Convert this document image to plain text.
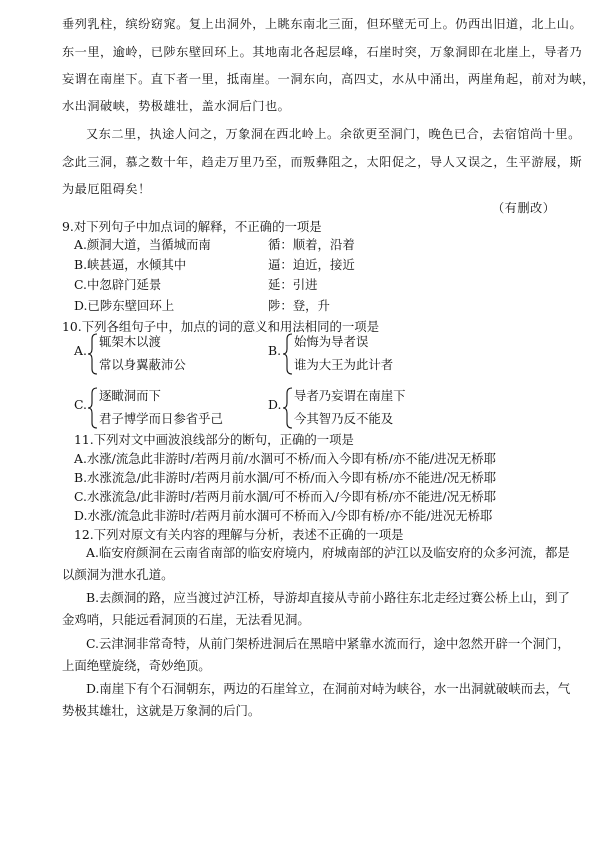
垂列乳柱，缤纷窈窕。复上出洞外，上眺东南北三面，但环壁无可上。仍西出旧道，北上山。
东一里，逾岭，已陟东壁回环上。其地南北各起层峰，石崖时突，万象洞即在北崖上，导者乃
妄谓在南崖下。直下者一里，抵南崖。一洞东向，高四丈，水从中涌出，两崖角起，前对为峡，
水出洞破峡，势极雄壮，盖水洞后门也。
又东二里，执途人问之，万象洞在西北岭上。余欲更至洞门，晚色已合，去宿馆尚十里。
念此三洞，慕之数十年，趋走万里乃至，而叛彝阻之，太阳促之，导人又误之，生平游屐，斯
为最厄阻碍矣！
（有删改）
9.对下列句子中加点词的解释，不正确的一项是
A.颜洞大道，当循城而南	循：顺着，沿着
B.峡甚逼，水倾其中	逼：迫近，接近
C.中忽辟门延景	延：引进
D.已陟东壁回环上	陟：登，升
10.下列各组句子中，加点的词的意义和用法相同的一项是
A.
辄架木以渡
常以身翼蔽沛公
B.
始悔为导者误
谁为大王为此计者
C.
逐瞰洞而下
君子博学而日参省乎己
D.
导者乃妄谓在南崖下
今其智乃反不能及
11.下列对文中画波浪线部分的断句，正确的一项是
A.水涨/流急此非游时/若两月前/水涸可不桥/而入今即有桥/亦不能/进况无桥耶
B.水涨流急/此非游时/若两月前水涸/可不桥/而入今即有桥/亦不能进/况无桥耶
C.水涨流急/此非游时/若两月前水涸/可不桥而入/今即有桥/亦不能进/况无桥耶
D.水涨/流急此非游时/若两月前水涸可不桥而入/今即有桥/亦不能/进况无桥耶
12.下列对原文有关内容的理解与分析，表述不正确的一项是
A.临安府颜洞在云南省南部的临安府境内，府城南部的泸江以及临安府的众多河流，都是
以颜洞为泄水孔道。
B.去颜洞的路，应当渡过泸江桥，导游却直接从寺前小路往东北走经过赛公桥上山，到了
金鸡哨，只能远看洞顶的石崖，无法看见洞。
C.云津洞非常奇特，从前门架桥进洞后在黑暗中紧靠水流而行，途中忽然开辟一个洞门，
上面绝壁旋绕，奇妙绝顶。
D.南崖下有个石洞朝东，两边的石崖耸立，在洞前对峙为峡谷，水一出洞就破峡而去，气
势极其雄壮，这就是万象洞的后门。
